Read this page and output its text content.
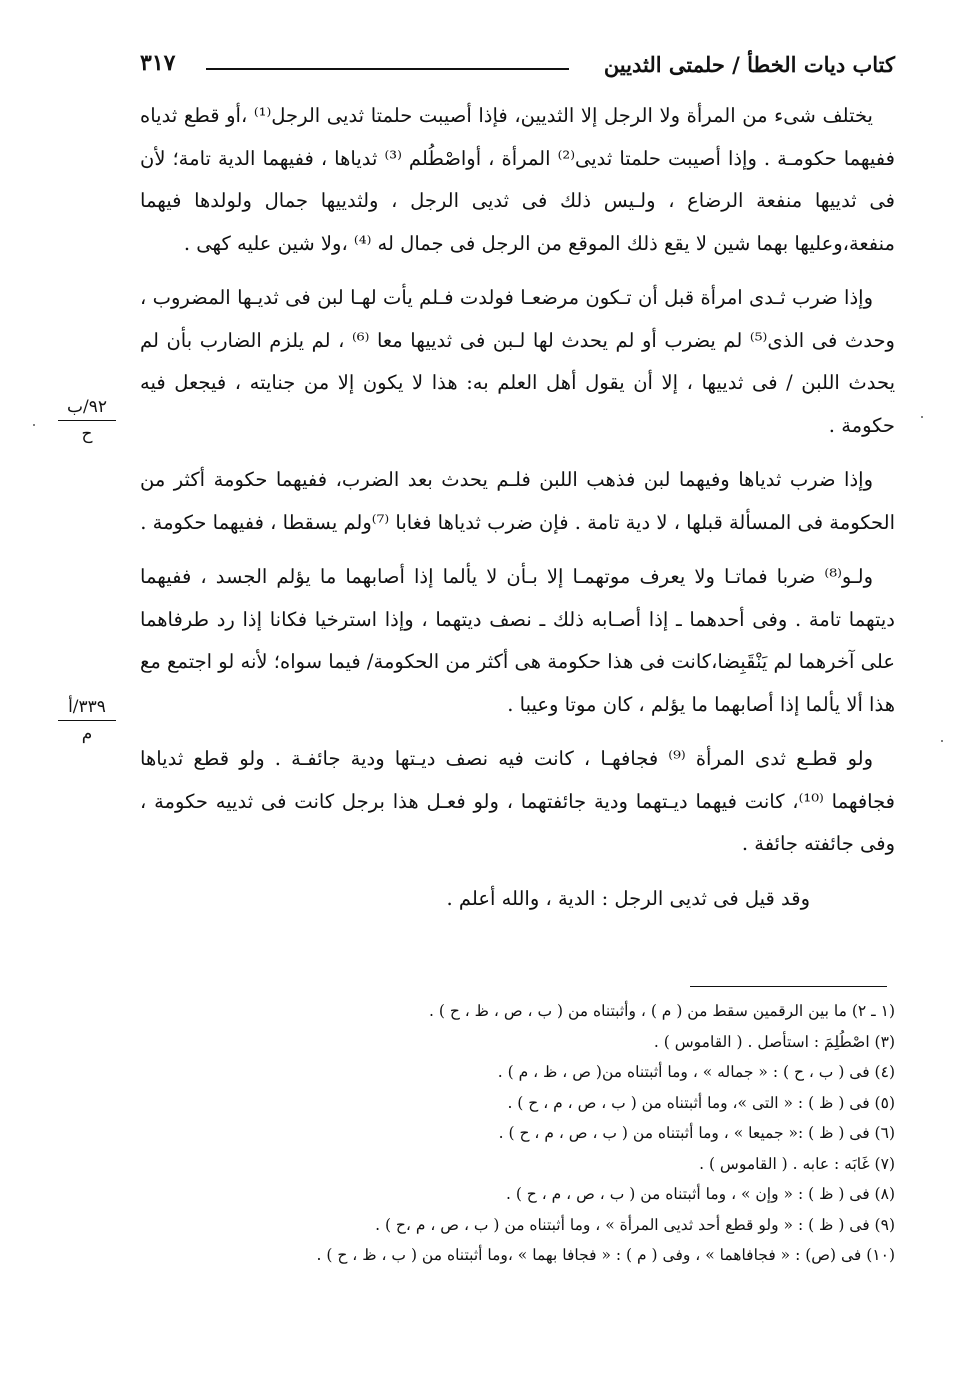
كتاب ديات الخطأ / حلمتى الثديين
٣١٧

يختلف شىء من المرأة ولا الرجل إلا الثديين، فإذا أصيبت حلمتا ثديى الرجل⁽¹⁾ ،أو قطع ثدياه ففيهما حكومـة . وإذا أصيبت حلمتا ثديى⁽²⁾ المرأة ، أواصْطُلم ⁽³⁾ ثدياها ، ففيهما الدية تامة؛ لأن فى ثدييها منفعة الرضاع ، ولـيس ذلك فى ثديى الرجل ، ولثدييها جمال ولولدها فيهما منفعة،وعليها بهما شين لا يقع ذلك الموقع من الرجل فى جمال له ⁽⁴⁾ ،ولا شين عليه كهى .

وإذا ضرب ثـدى امرأة قبل أن تـكون مرضعـا فولدت فـلم يأت لهـا لبن فى ثديـها المضروب ، وحدث فى الذى⁽⁵⁾ لم يضرب أو لم يحدث لها لـبن فى ثدييها معا ⁽⁶⁾ ، لم يلزم الضارب بأن لم يحدث اللبن / فى ثدييها ، إلا أن يقول أهل العلم به: هذا لا يكون إلا من جنايته ، فيجعل فيه حكومة .

وإذا ضرب ثدياها وفيهما لبن فذهب اللبن فلـم يحدث بعد الضرب، ففيهما حكومة أكثر من الحكومة فى المسألة قبلها ، لا دية تامة . فإن ضرب ثدياها فغابا ⁽⁷⁾ولم يسقطا ، ففيهما حكومة .

ولـو⁽⁸⁾ ضربا فماتـا ولا يعرف موتهمـا إلا بـأن لا يألما إذا أصابهما ما يؤلم الجسد ، ففيهما ديتهما تامة . وفى أحدهما ـ إذا أصـابه ذلك ـ نصف ديتهما ، وإذا استرخيا فكانا إذا رد طرفاهما على آخرهما لم يَنْقَبِضا،كانت فى هذا حكومة هى أكثر من الحكومة/ فيما سواه؛ لأنه لو اجتمع مع هذا ألا يألما إذا أصابهما ما يؤلم ، كان موتا وعيبا .

ولو قطـع ثدى المرأة ⁽⁹⁾ فجافهـا ، كانت فيه نصف ديـتها ودية جائفـة . ولو قطع ثدياها فجافهما ⁽¹⁰⁾، كانت فيهما ديـتهما ودية جائفتهما ، ولو فعـل هذا برجل كانت فى ثدييه حكومة ، وفى جائفته جائفة .

وقد قيل فى ثديى الرجل : الدية ، والله أعلم .

٩٢/ب
ح
٣٣٩/أ
م

(١ ـ ٢) ما بين الرقمين سقط من ( م ) ، وأثبتناه من ( ب ، ص ، ظ ، ح ) .

(٣) اصْطُلِمَ : استأصل . ( القاموس ) .

(٤) فى ( ب ، ح ) : « جماله » ، وما أثبتناه من( ص ، ظ ، م ) .

(٥) فى ( ظ ) : « التى »، وما أثبتناه من ( ب ، ص ، م ، ح ) .

(٦) فى ( ظ ) :« جميعا » ، وما أثبتناه من ( ب ، ص ، م ، ح ) .

(٧) غَابَه : عابه . ( القاموس ) .

(٨) فى ( ظ ) : « وإن » ، وما أثبتناه من ( ب ، ص ، م ، ح ) .

(٩) فى ( ظ ) : « ولو قطع أحد ثديى المرأة » ، وما أثبتناه من ( ب ، ص ، م ،ح ) .

(١٠) فى (ص) : « فجافاهما » ، وفى ( م ) : « فجافا بهما » ،وما أثبتناه من ( ب ، ظ ، ح ) .
